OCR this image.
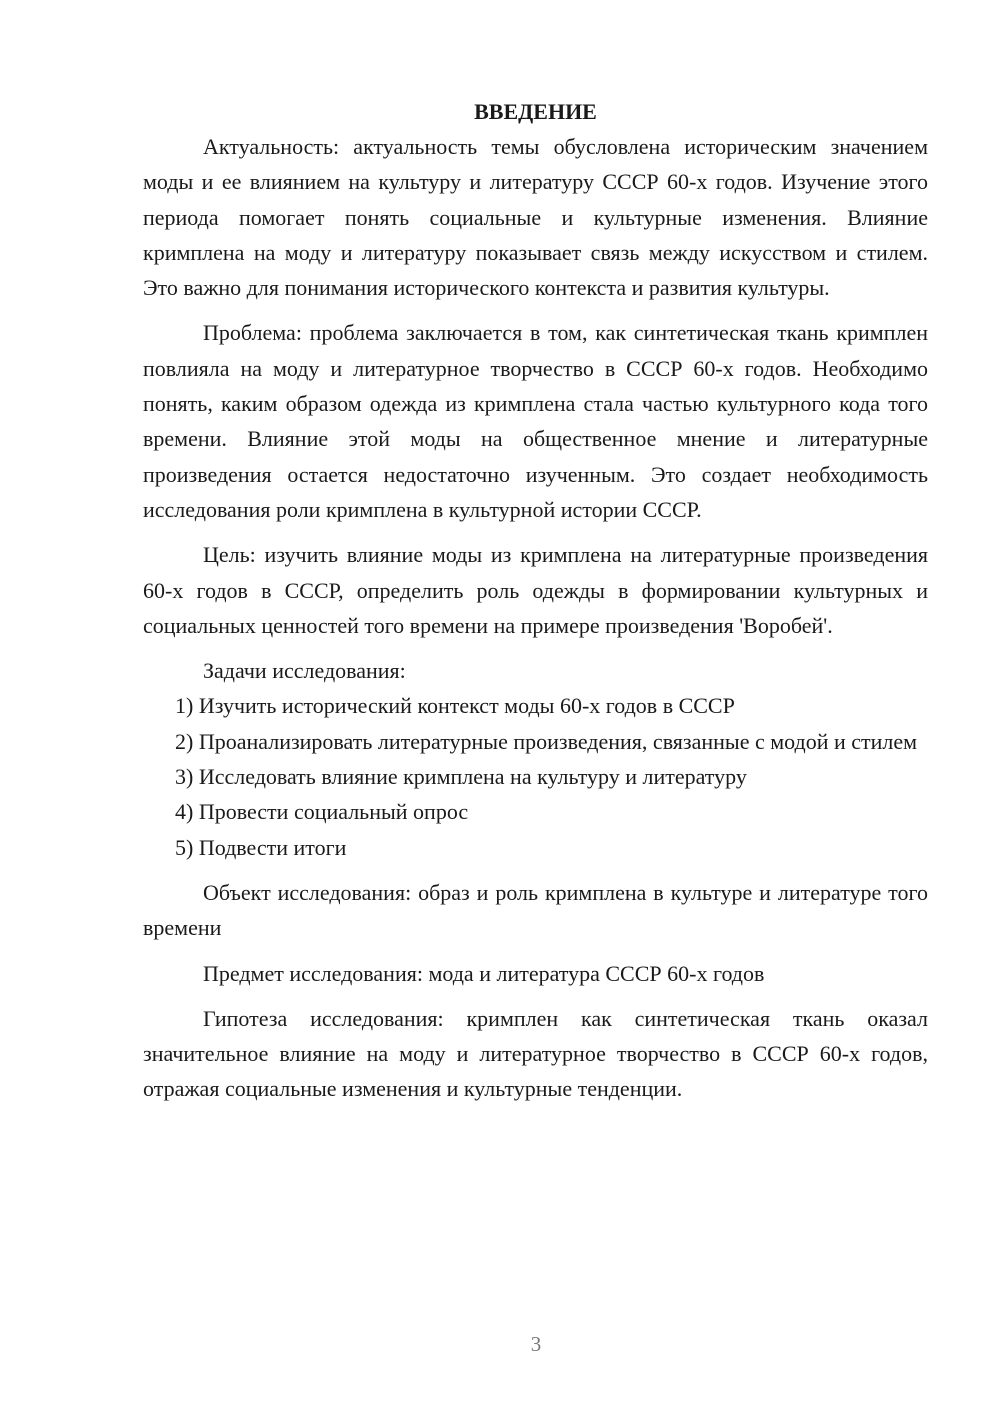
ВВЕДЕНИЕ

Актуальность: актуальность темы обусловлена историческим значением моды и ее влиянием на культуру и литературу СССР 60-х годов. Изучение этого периода помогает понять социальные и культурные изменения. Влияние кримплена на моду и литературу показывает связь между искусством и стилем. Это важно для понимания исторического контекста и развития культуры.

Проблема: проблема заключается в том, как синтетическая ткань кримплен повлияла на моду и литературное творчество в СССР 60-х годов. Необходимо понять, каким образом одежда из кримплена стала частью культурного кода того времени. Влияние этой моды на общественное мнение и литературные произведения остается недостаточно изученным. Это создает необходимость исследования роли кримплена в культурной истории СССР.

Цель: изучить влияние моды из кримплена на литературные произведения 60-х годов в СССР, определить роль одежды в формировании культурных и социальных ценностей того времени на примере произведения 'Воробей'.

Задачи исследования:

1) Изучить исторический контекст моды 60-х годов в СССР

2) Проанализировать литературные произведения, связанные с модой и стилем

3) Исследовать влияние кримплена на культуру и литературу

4) Провести социальный опрос

5) Подвести итоги

Объект исследования: образ и роль кримплена в культуре и литературе того времени

Предмет исследования: мода и литература СССР 60-х годов

Гипотеза исследования: кримплен как синтетическая ткань оказал значительное влияние на моду и литературное творчество в СССР 60-х годов, отражая социальные изменения и культурные тенденции.

3
